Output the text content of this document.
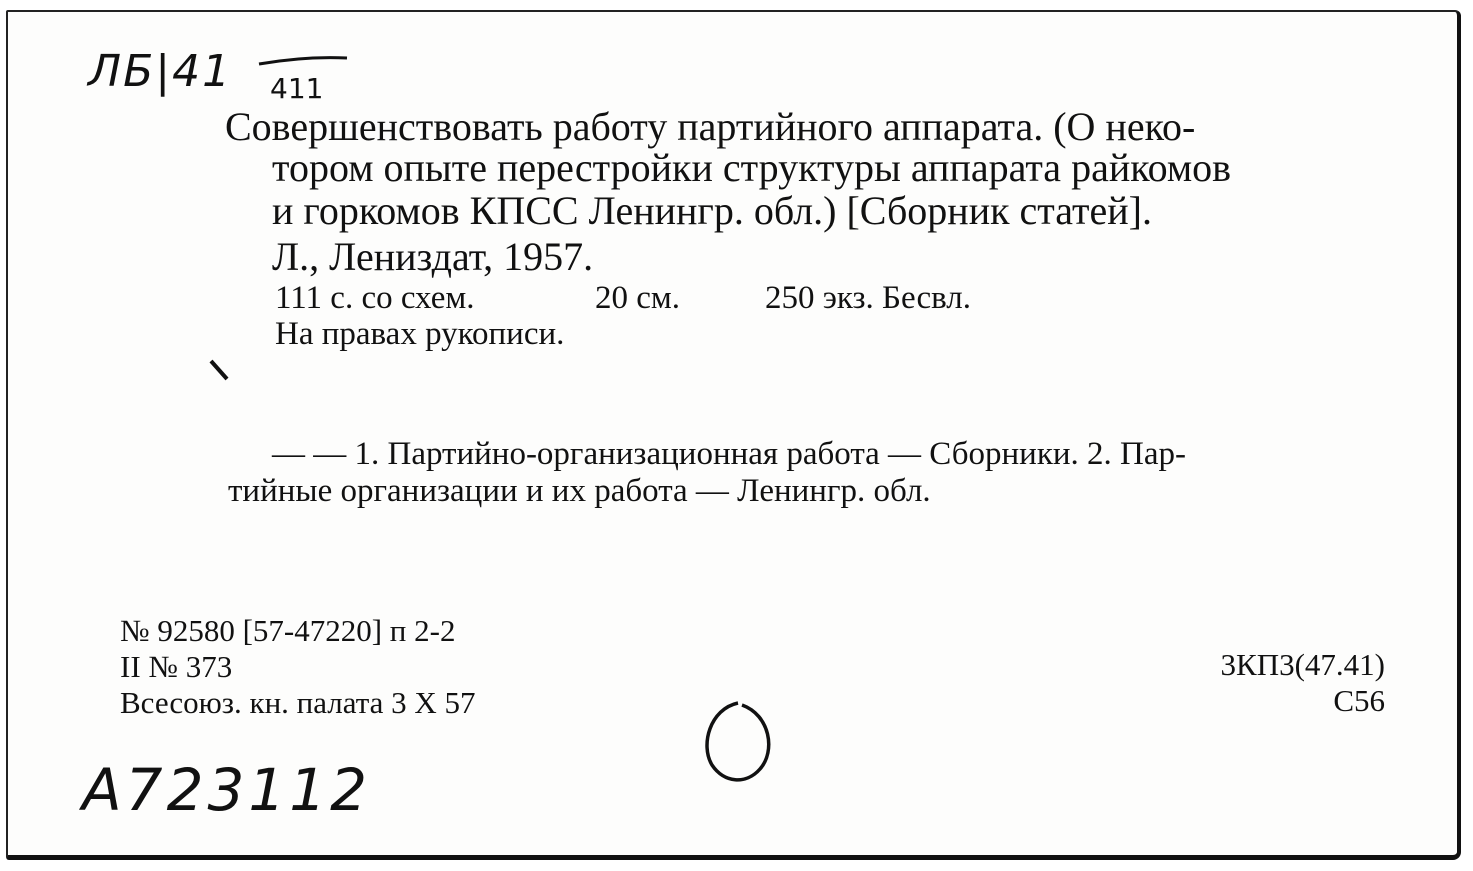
ЛБ|41 411
Совершенствовать работу партийного аппарата. (О неко-
тором опыте перестройки структуры аппарата райкомов
и горкомов КПСС Ленингр. обл.) [Сборник статей].
Л., Лениздат, 1957.
111 с. со схем.	20 см.	250 экз. Бесвл.
На правах рукописи.
— — 1. Партийно-организационная работа — Сборники. 2. Пар-
тийные организации и их работа — Ленингр. обл.
№ 92580 [57-47220] п 2-2
II № 373
Всесоюз. кн. палата 3 Х 57
3КП3(47.41)
С56
А723112
